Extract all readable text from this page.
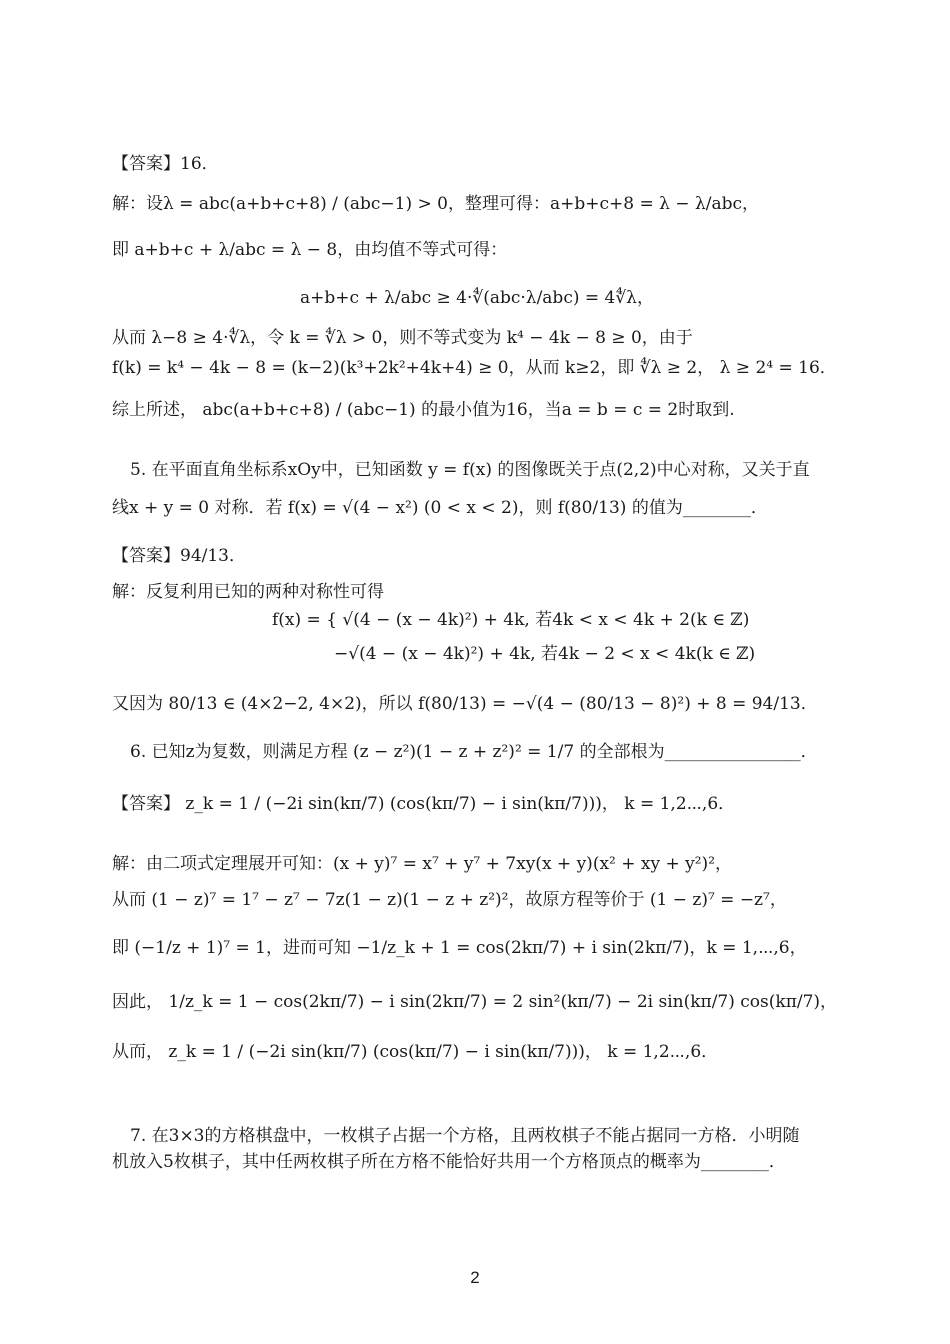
【答案】16．
解：设λ = abc(a+b+c+8) / (abc−1) > 0，整理可得：a+b+c+8 = λ − λ/abc，
即 a+b+c + λ/abc = λ − 8，由均值不等式可得：
a+b+c + λ/abc ≥ 4·∜(abc·λ/abc) = 4∜λ，
从而 λ−8 ≥ 4·∜λ，令 k = ∜λ > 0，则不等式变为 k⁴ − 4k − 8 ≥ 0，由于
f(k) = k⁴ − 4k − 8 = (k−2)(k³+2k²+4k+4) ≥ 0，从而 k≥2，即 ∜λ ≥ 2， λ ≥ 2⁴ = 16．
综上所述， abc(a+b+c+8) / (abc−1) 的最小值为16，当a = b = c = 2时取到.
5. 在平面直角坐标系xOy中，已知函数 y = f(x) 的图像既关于点(2,2)中心对称，又关于直
线x + y = 0 对称．若 f(x) = √(4 − x²) (0 < x < 2)，则 f(80/13) 的值为________．
【答案】94/13．
解：反复利用已知的两种对称性可得
f(x) = { √(4 − (x − 4k)²) + 4k, 若4k < x < 4k + 2(k ∈ ℤ)
−√(4 − (x − 4k)²) + 4k, 若4k − 2 < x < 4k(k ∈ ℤ)
又因为 80/13 ∈ (4×2−2, 4×2)，所以 f(80/13) = −√(4 − (80/13 − 8)²) + 8 = 94/13．
6. 已知z为复数，则满足方程 (z − z²)(1 − z + z²)² = 1/7 的全部根为________________．
【答案】 z_k = 1 / (−2i sin(kπ/7) (cos(kπ/7) − i sin(kπ/7)))， k = 1,2⋯,6．
解：由二项式定理展开可知：(x + y)⁷ = x⁷ + y⁷ + 7xy(x + y)(x² + xy + y²)²，
从而 (1 − z)⁷ = 1⁷ − z⁷ − 7z(1 − z)(1 − z + z²)²，故原方程等价于 (1 − z)⁷ = −z⁷，
即 (−1/z + 1)⁷ = 1，进而可知 −1/z_k + 1 = cos(2kπ/7) + i sin(2kπ/7)，k = 1,⋯,6，
因此， 1/z_k = 1 − cos(2kπ/7) − i sin(2kπ/7) = 2 sin²(kπ/7) − 2i sin(kπ/7) cos(kπ/7)，
从而， z_k = 1 / (−2i sin(kπ/7) (cos(kπ/7) − i sin(kπ/7)))， k = 1,2⋯,6．
7. 在3×3的方格棋盘中，一枚棋子占据一个方格，且两枚棋子不能占据同一方格．小明随
机放入5枚棋子，其中任两枚棋子所在方格不能恰好共用一个方格顶点的概率为________．
2
